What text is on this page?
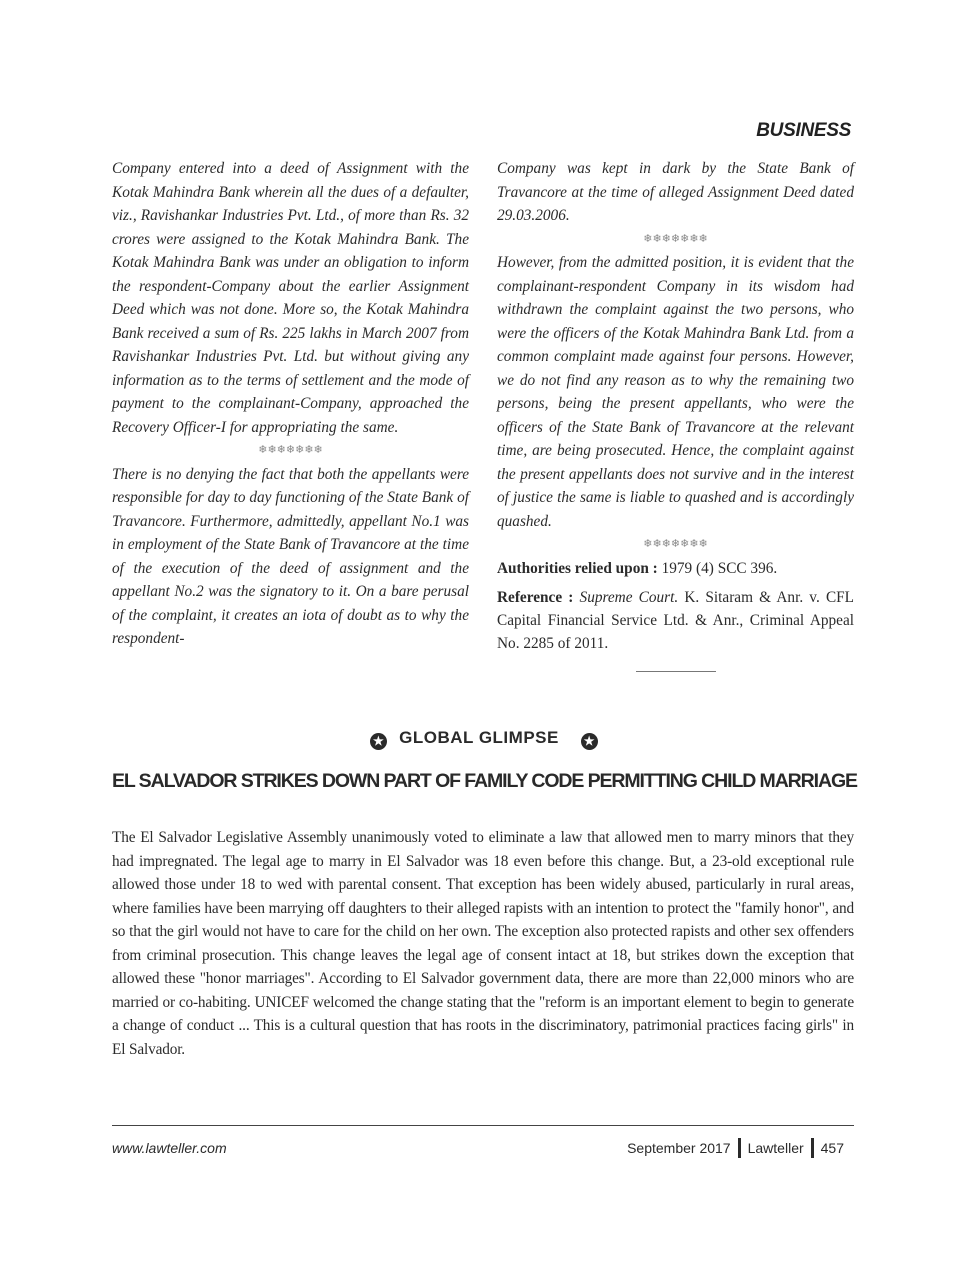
BUSINESS

Company entered into a deed of Assignment with the Kotak Mahindra Bank wherein all the dues of a defaulter, viz., Ravishankar Industries Pvt. Ltd., of more than Rs. 32 crores were assigned to the Kotak Mahindra Bank. The Kotak Mahindra Bank was under an obligation to inform the respondent-Company about the earlier Assignment Deed which was not done. More so, the Kotak Mahindra Bank received a sum of Rs. 225 lakhs in March 2007 from Ravishankar Industries Pvt. Ltd. but without giving any information as to the terms of settlement and the mode of payment to the complainant-Company, approached the Recovery Officer-I for appropriating the same.

❄❄❄❄❄❄❄

There is no denying the fact that both the appellants were responsible for day to day functioning of the State Bank of Travancore. Furthermore, admittedly, appellant No.1 was in employment of the State Bank of Travancore at the time of the execution of the deed of assignment and the appellant No.2 was the signatory to it. On a bare perusal of the complaint, it creates an iota of doubt as to why the respondent-

Company was kept in dark by the State Bank of Travancore at the time of alleged Assignment Deed dated 29.03.2006.

❄❄❄❄❄❄❄

However, from the admitted position, it is evident that the complainant-respondent Company in its wisdom had withdrawn the complaint against the two persons, who were the officers of the Kotak Mahindra Bank Ltd. from a common complaint made against four persons. However, we do not find any reason as to why the remaining two persons, being the present appellants, who were the officers of the State Bank of Travancore at the relevant time, are being prosecuted. Hence, the complaint against the present appellants does not survive and in the interest of justice the same is liable to quashed and is accordingly quashed.

❄❄❄❄❄❄❄

Authorities relied upon : 1979 (4) SCC 396.

Reference : Supreme Court. K. Sitaram & Anr. v. CFL Capital Financial Service Ltd. & Anr., Criminal Appeal No. 2285 of 2011.

★ GLOBAL GLIMPSE ★
EL SALVADOR STRIKES DOWN PART OF FAMILY CODE PERMITTING CHILD MARRIAGE

The El Salvador Legislative Assembly unanimously voted to eliminate a law that allowed men to marry minors that they had impregnated. The legal age to marry in El Salvador was 18 even before this change. But, a 23-old exceptional rule allowed those under 18 to wed with parental consent. That exception has been widely abused, particularly in rural areas, where families have been marrying off daughters to their alleged rapists with an intention to protect the "family honor", and so that the girl would not have to care for the child on her own. The exception also protected rapists and other sex offenders from criminal prosecution. This change leaves the legal age of consent intact at 18, but strikes down the exception that allowed these "honor marriages". According to El Salvador government data, there are more than 22,000 minors who are married or co-habiting. UNICEF welcomed the change stating that the "reform is an important element to begin to generate a change of conduct ... This is a cultural question that has roots in the discriminatory, patrimonial practices facing girls" in El Salvador.

www.lawteller.com	September 2017 Lawteller 457
